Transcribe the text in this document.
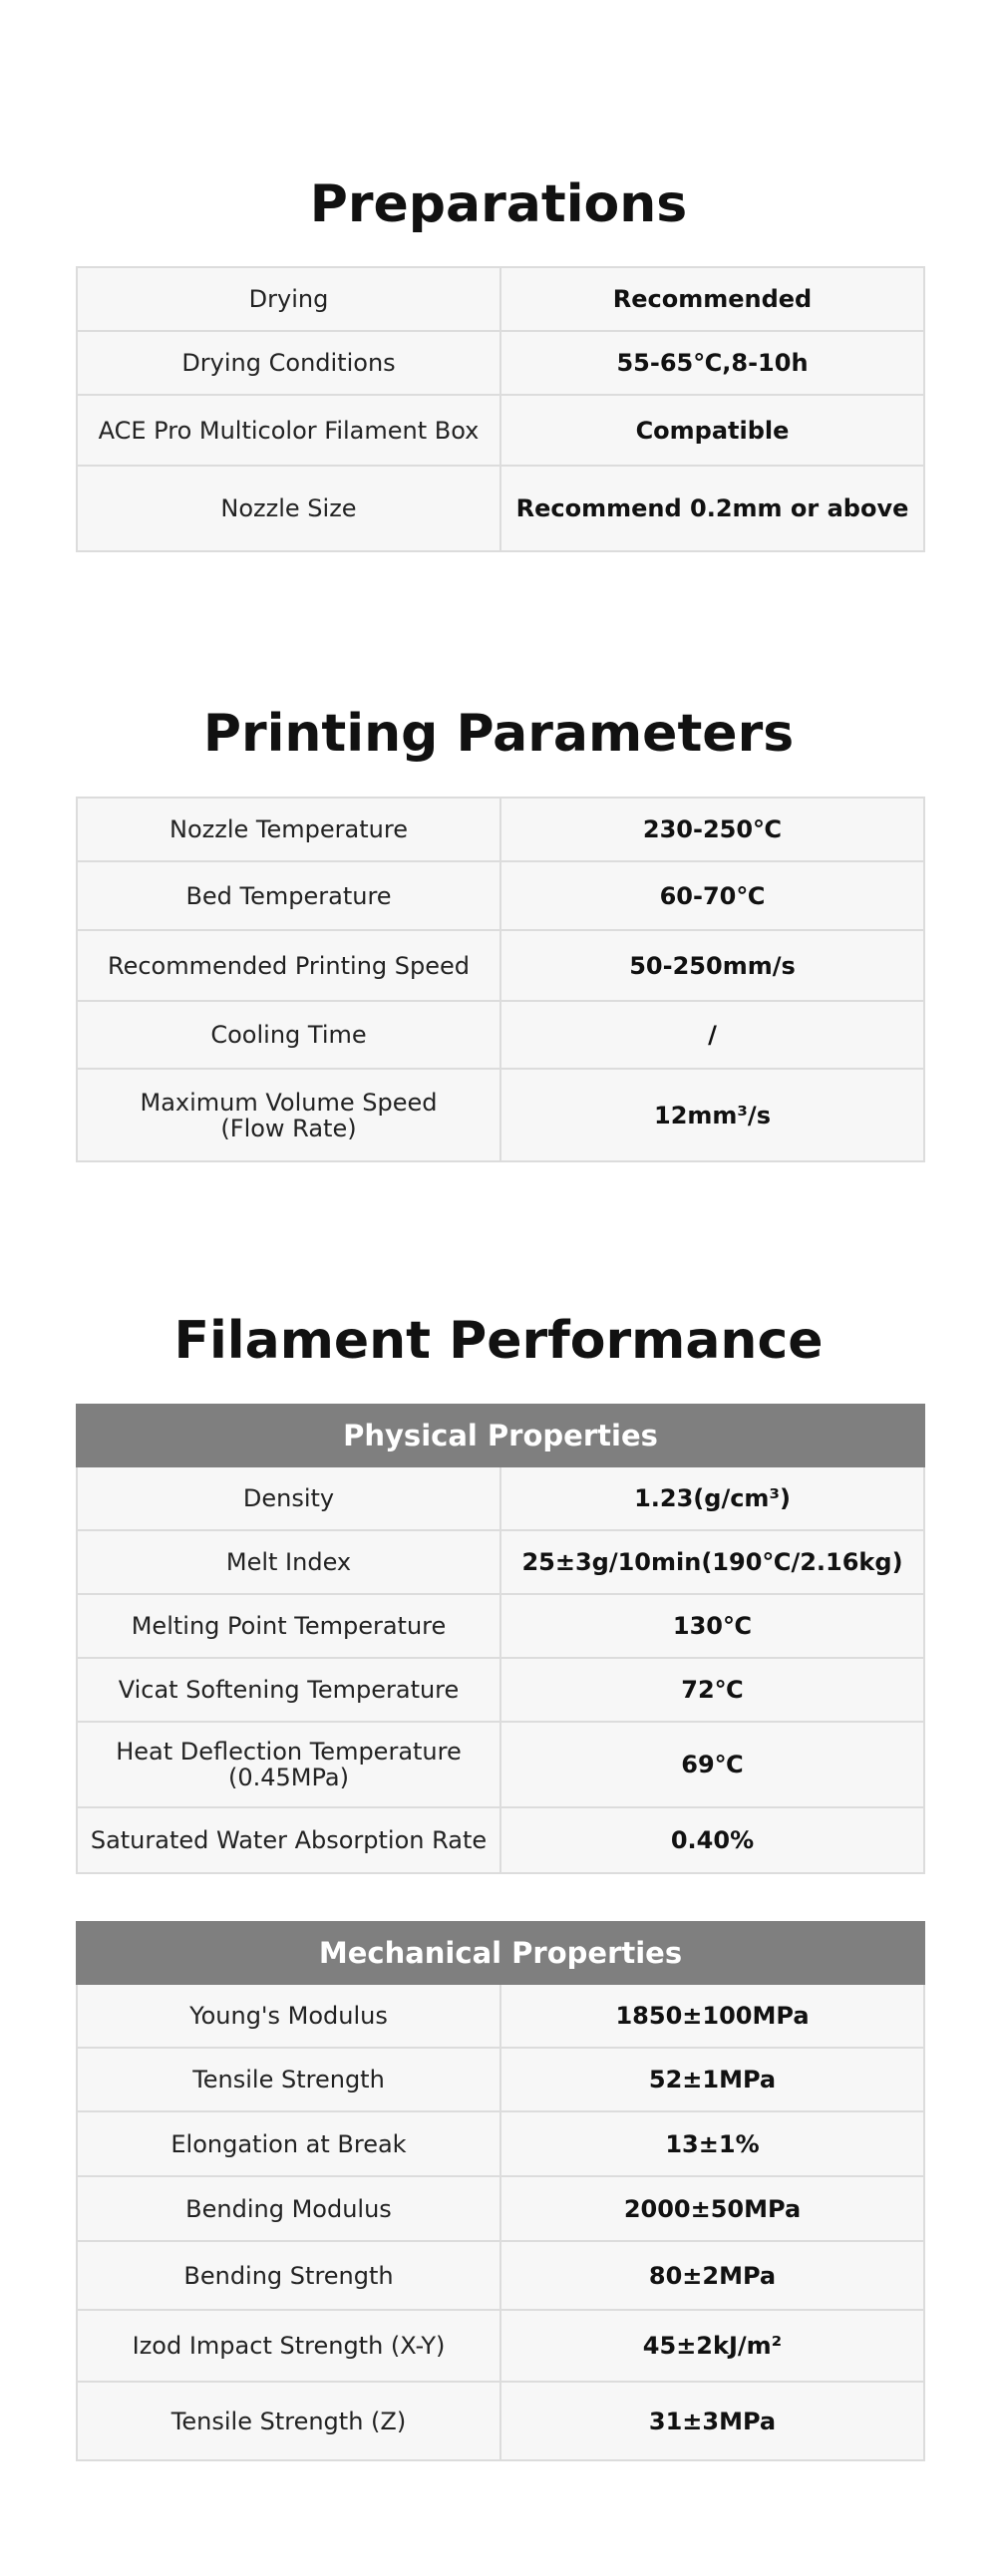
Preparations
Drying	Recommended
Drying Conditions	55-65℃,8-10h
ACE Pro Multicolor Filament Box	Compatible
Nozzle Size	Recommend 0.2mm or above
Printing Parameters
Nozzle Temperature	230-250℃
Bed Temperature	60-70℃
Recommended Printing Speed	50-250mm/s
Cooling Time	/

Maximum Volume Speed
(Flow Rate)	12mm³/s
Filament Performance
Physical Properties	
Density	1.23(g/cm³)
Melt Index	25±3g/10min(190℃/2.16kg)
Melting Point Temperature	130℃
Vicat Softening Temperature	72℃

Heat Deflection Temperature
(0.45MPa)	69℃
Saturated Water Absorption Rate	0.40%
Mechanical Properties	
Young's Modulus	1850±100MPa
Tensile Strength	52±1MPa
Elongation at Break	13±1%
Bending Modulus	2000±50MPa
Bending Strength	80±2MPa
Izod Impact Strength (X-Y)	45±2kJ/m²
Tensile Strength (Z)	31±3MPa
